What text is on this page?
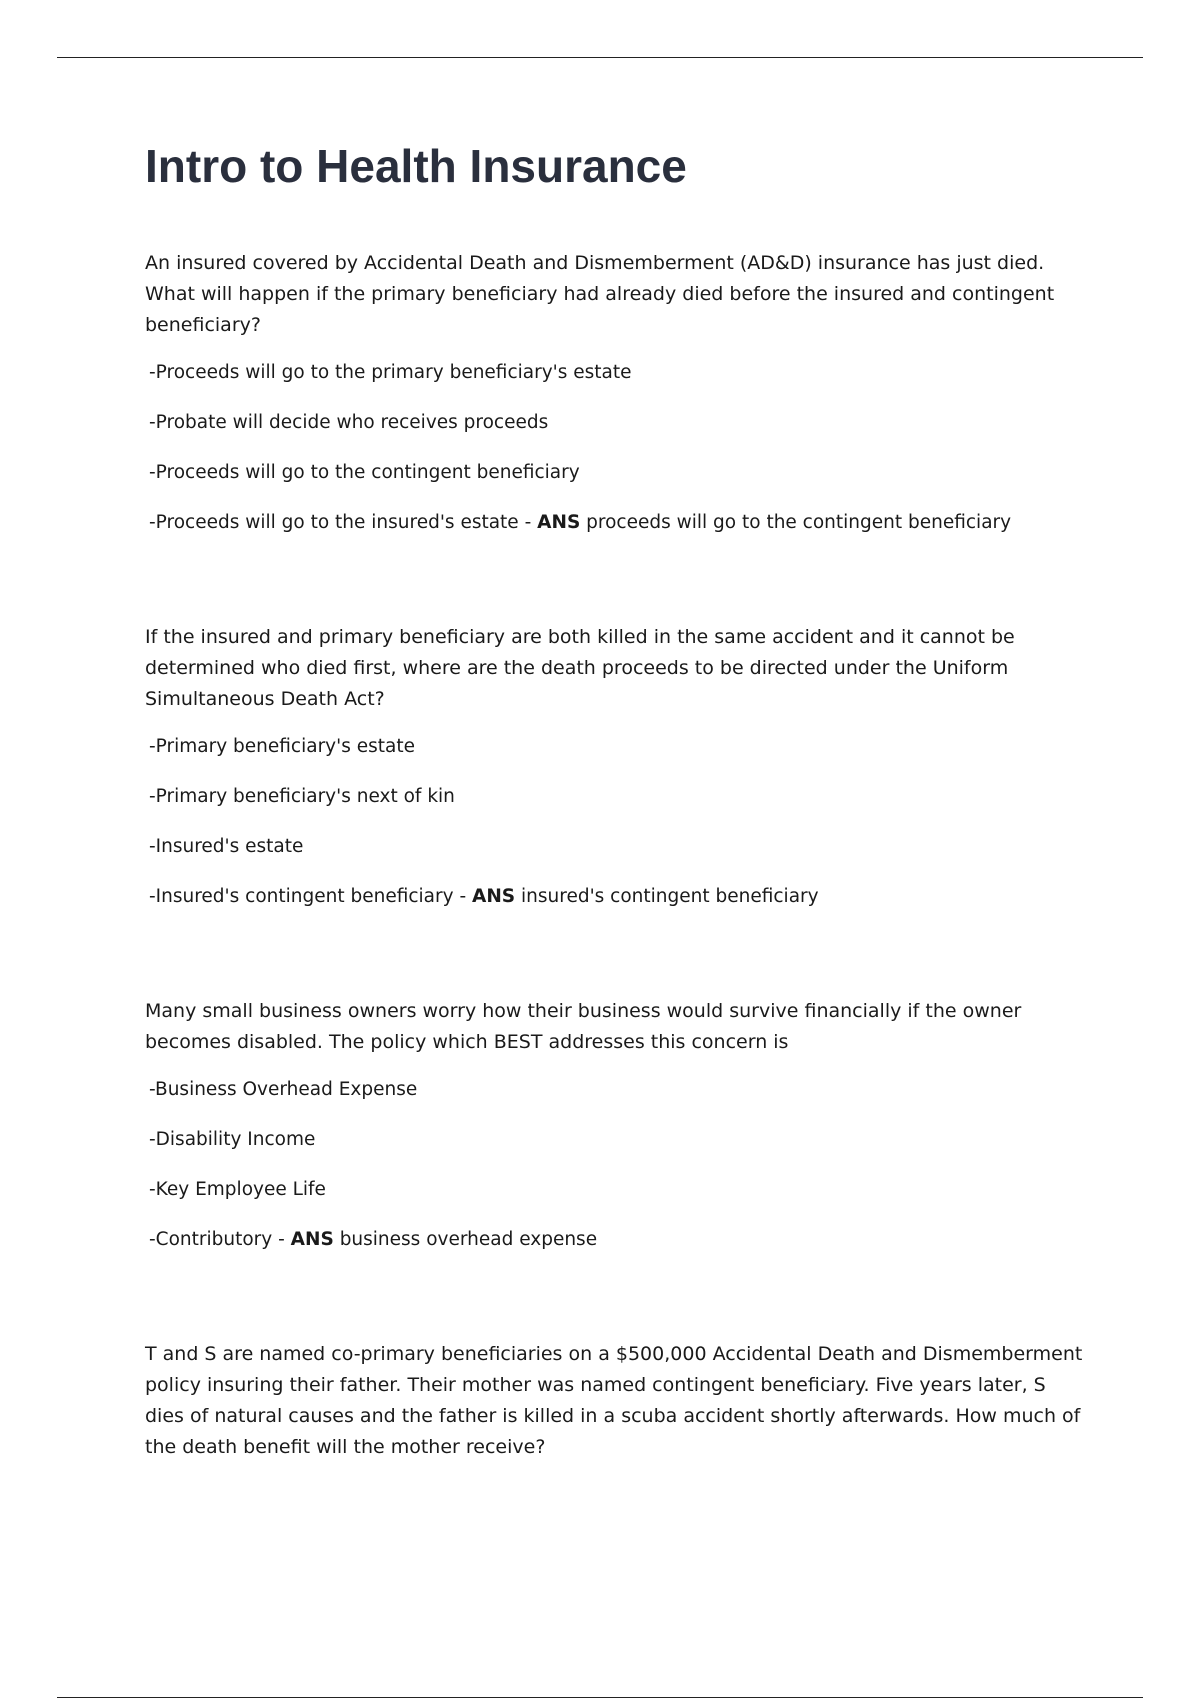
Intro to Health Insurance

An insured covered by Accidental Death and Dismemberment (AD&D) insurance has just died. What will happen if the primary beneficiary had already died before the insured and contingent beneficiary?

-Proceeds will go to the primary beneficiary's estate

-Probate will decide who receives proceeds

-Proceeds will go to the contingent beneficiary

-Proceeds will go to the insured's estate - ANS proceeds will go to the contingent beneficiary

If the insured and primary beneficiary are both killed in the same accident and it cannot be determined who died first, where are the death proceeds to be directed under the Uniform Simultaneous Death Act?

-Primary beneficiary's estate

-Primary beneficiary's next of kin

-Insured's estate

-Insured's contingent beneficiary - ANS insured's contingent beneficiary

Many small business owners worry how their business would survive financially if the owner becomes disabled. The policy which BEST addresses this concern is

-Business Overhead Expense

-Disability Income

-Key Employee Life

-Contributory - ANS business overhead expense

T and S are named co-primary beneficiaries on a $500,000 Accidental Death and Dismemberment policy insuring their father. Their mother was named contingent beneficiary. Five years later, S dies of natural causes and the father is killed in a scuba accident shortly afterwards. How much of the death benefit will the mother receive?
